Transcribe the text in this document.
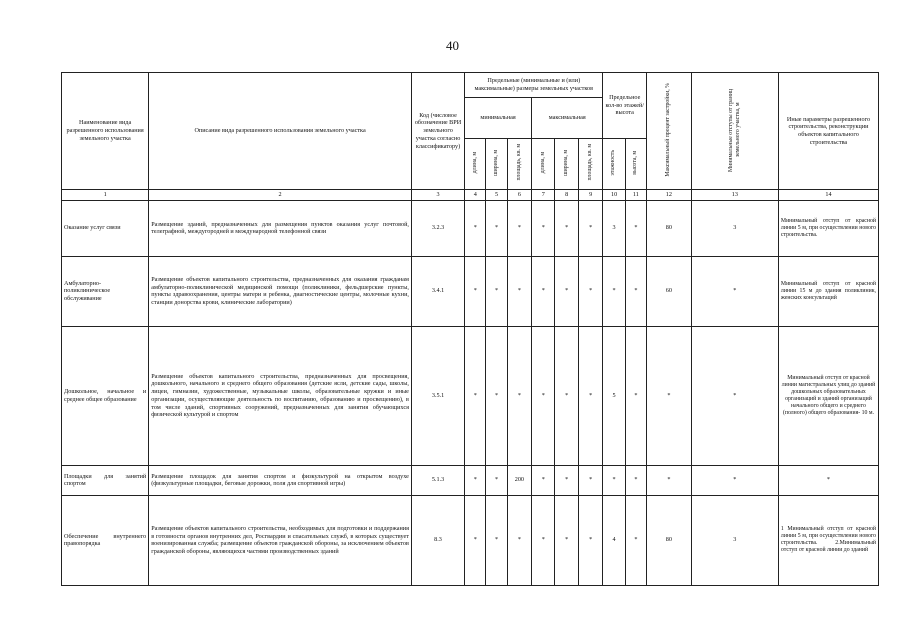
40
Наименование вида разрешенного использования земельного участка	Описание вида разрешенного использования земельного участка	Код (числовое обозначение ВРИ земельного участка согласно классификатору)	Предельные (минимальные и (или) максимальные) размеры земельных участков						Предельное кол-во этажей/высота		Максимальный процент застройки, %	Минимальные отступы от границ земельного участка, м	Иные параметры разрешенного строительства, реконструкции объектов капитального строительства
			минимальная			максимальная							
			длина, м	ширина, м	площадь, кв. м	длина, м	ширина, м	площадь, кв. м	этажность	высота, м			
1	2	3	4	5	6	7	8	9	10	11	12	13	14
Оказание услуг связи	Размещение зданий, предназначенных для размещения пунктов оказания услуг почтовой, телеграфной, междугородней и международной телефонной связи	3.2.3	*	*	*	*	*	*	3	*	80	3	Минимальный отступ от красной линии 5 м, при осуществлении нового строительства.
Амбулаторно-поликлиническое обслуживание	Размещение объектов капитального строительства, предназначенных для оказания гражданам амбулаторно-поликлинической медицинской помощи (поликлиники, фельдшерские пункты, пункты здравоохранения, центры матери и ребенка, диагностические центры, молочные кухни, станции донорства крови, клинические лаборатории)	3.4.1	*	*	*	*	*	*	*	*	60	*	Минимальный отступ от красной линии 15 м до здания поликлиник, женских консультаций
Дошкольное, начальное и среднее общее образование	Размещение объектов капитального строительства, предназначенных для просвещения, дошкольного, начального и среднего общего образования (детские ясли, детские сады, школы, лицеи, гимназии, художественные, музыкальные школы, образовательные кружки и иные организации, осуществляющие деятельность по воспитанию, образованию и просвещению), в том числе зданий, спортивных сооружений, предназначенных для занятия обучающихся физической культурой и спортом	3.5.1	*	*	*	*	*	*	5	*	*	*	Минимальный отступ от красной линии магистральных улиц до зданий дошкольных образовательных организаций и зданий организаций начального общего и среднего (полного) общего образования- 10 м.
Площадки для занятий спортом	Размещение площадок для занятия спортом и физкультурой на открытом воздухе (физкультурные площадки, беговые дорожки, поля для спортивной игры)	5.1.3	*	*	200	*	*	*	*	*	*	*	*
Обеспечение внутреннего правопорядка	Размещение объектов капитального строительства, необходимых для подготовки и поддержания в готовности органов внутренних дел, Росгвардии и спасательных служб, в которых существует военизированная служба; размещение объектов гражданской обороны, за исключением объектов гражданской обороны, являющихся частями производственных зданий	8.3	*	*	*	*	*	*	4	*	80	3	1 Минимальный отступ от красной линии 5 м, при осуществлении нового строительства. 2.Минимальный отступ от красной линии до зданий
